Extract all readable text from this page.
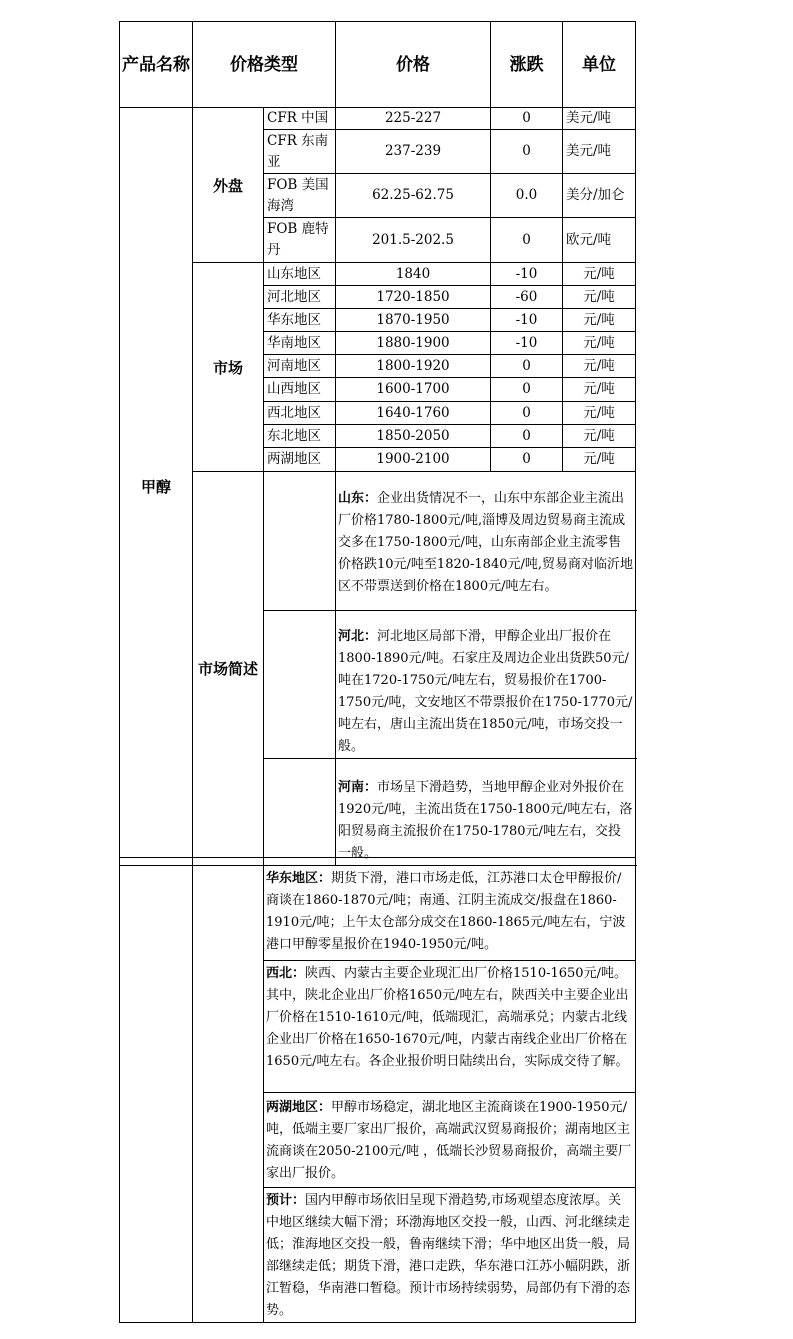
产品名称	价格类型		价格	涨跌	单位
甲醇	外盘	CFR 中国	225-227	0	美元/吨
		CFR 东南亚	237-239	0	美元/吨
		FOB 美国海湾	62.25-62.75	0.0	美分/加仑
		FOB 鹿特丹	201.5-202.5	0	欧元/吨
	市场	山东地区	1840	-10	元/吨
		河北地区	1720-1850	-60	元/吨
		华东地区	1870-1950	-10	元/吨
		华南地区	1880-1900	-10	元/吨
		河南地区	1800-1920	0	元/吨
		山西地区	1600-1700	0	元/吨
		西北地区	1640-1760	0	元/吨
		东北地区	1850-2050	0	元/吨
		两湖地区	1900-2100	0	元/吨
	市场简述		山东：企业出货情况不一，山东中东部企业主流出厂价格1780-1800元/吨,淄博及周边贸易商主流成交多在1750-1800元/吨，山东南部企业主流零售价格跌10元/吨至1820-1840元/吨,贸易商对临沂地区不带票送到价格在1800元/吨左右。		
			河北：河北地区局部下滑，甲醇企业出厂报价在1800-1890元/吨。石家庄及周边企业出货跌50元/吨在1720-1750元/吨左右，贸易报价在1700-1750元/吨，文安地区不带票报价在1750-1770元/吨左右，唐山主流出货在1850元/吨，市场交投一般。		
			河南：市场呈下滑趋势，当地甲醇企业对外报价在1920元/吨，主流出货在1750-1800元/吨左右，洛阳贸易商主流报价在1750-1780元/吨左右，交投一般。		
		华东地区：期货下滑，港口市场走低，江苏港口太仓甲醇报价/商谈在1860-1870元/吨；南通、江阴主流成交/报盘在1860-1910元/吨；上午太仓部分成交在1860-1865元/吨左右，宁波港口甲醇零星报价在1940-1950元/吨。
西北：陕西、内蒙古主要企业现汇出厂价格1510-1650元/吨。其中，陕北企业出厂价格1650元/吨左右，陕西关中主要企业出厂价格在1510-1610元/吨，低端现汇，高端承兑；内蒙古北线企业出厂价格在1650-1670元/吨，内蒙古南线企业出厂价格在1650元/吨左右。各企业报价明日陆续出台，实际成交待了解。
两湖地区：甲醇市场稳定，湖北地区主流商谈在1900-1950元/吨，低端主要厂家出厂报价，高端武汉贸易商报价；湖南地区主流商谈在2050-2100元/吨 ，低端长沙贸易商报价，高端主要厂家出厂报价。
预计：国内甲醇市场依旧呈现下滑趋势,市场观望态度浓厚。关中地区继续大幅下滑；环渤海地区交投一般，山西、河北继续走低；淮海地区交投一般，鲁南继续下滑；华中地区出货一般，局部继续走低；期货下滑，港口走跌，华东港口江苏小幅阴跌，浙江暂稳，华南港口暂稳。预计市场持续弱势，局部仍有下滑的态势。
